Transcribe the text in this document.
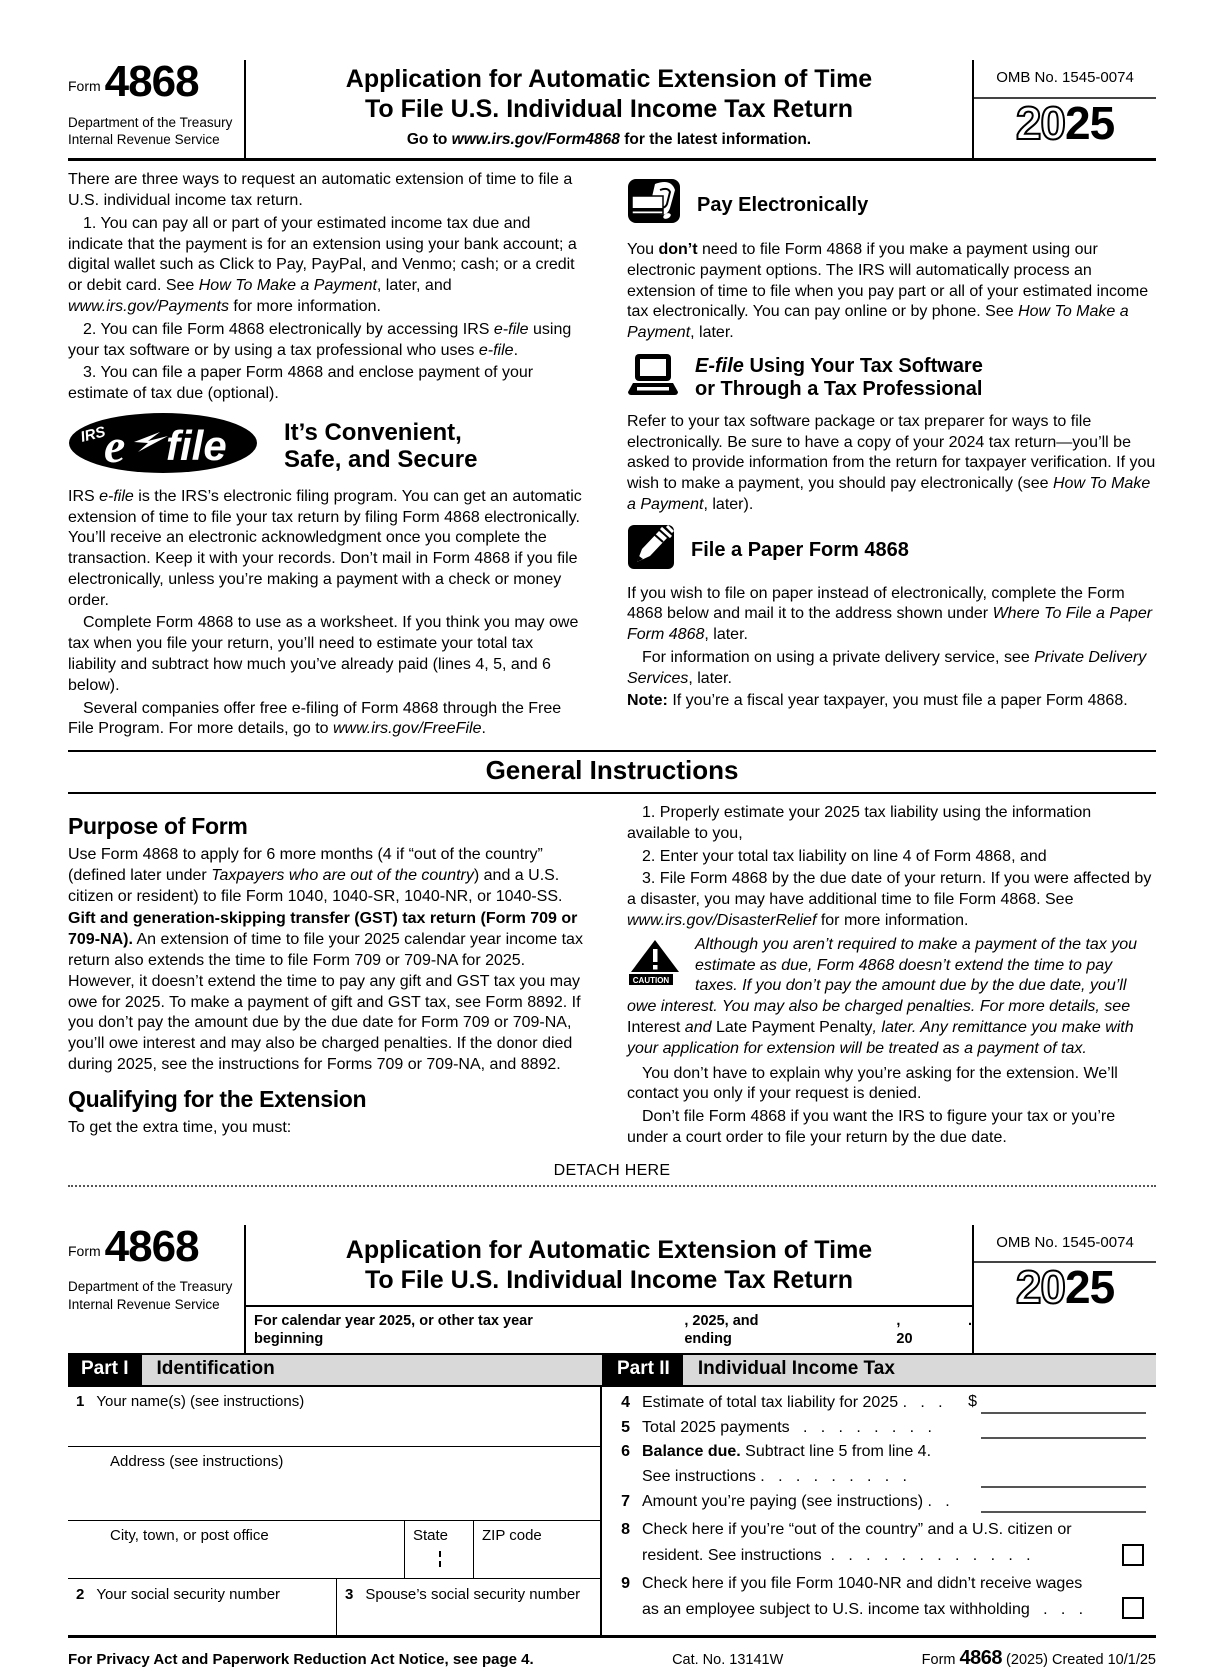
Form 4868
Department of the Treasury
Internal Revenue Service
Application for Automatic Extension of Time
To File U.S. Individual Income Tax Return
Go to www.irs.gov/Form4868 for the latest information.
OMB No. 1545-0074
2025

There are three ways to request an automatic extension of time to file a U.S. individual income tax return.

1. You can pay all or part of your estimated income tax due and indicate that the payment is for an extension using your bank account; a digital wallet such as Click to Pay, PayPal, and Venmo; cash; or a credit or debit card. See How To Make a Payment, later, and www.irs.gov/Payments for more information.

2. You can file Form 4868 electronically by accessing IRS e-file using your tax software or by using a tax professional who uses e-file.

3. You can file a paper Form 4868 and enclose payment of your estimate of tax due (optional).

IRS
e file It’s Convenient,
Safe, and Secure

IRS e-file is the IRS’s electronic filing program. You can get an automatic extension of time to file your tax return by filing Form 4868 electronically. You’ll receive an electronic acknowledgment once you complete the transaction. Keep it with your records. Don’t mail in Form 4868 if you file electronically, unless you’re making a payment with a check or money order.

Complete Form 4868 to use as a worksheet. If you think you may owe tax when you file your return, you’ll need to estimate your total tax liability and subtract how much you’ve already paid (lines 4, 5, and 6 below).

Several companies offer free e-filing of Form 4868 through the Free File Program. For more details, go to www.irs.gov/FreeFile.

Pay Electronically

You don’t need to file Form 4868 if you make a payment using our electronic payment options. The IRS will automatically process an extension of time to file when you pay part or all of your estimated income tax electronically. You can pay online or by phone. See How To Make a Payment, later.

E-file Using Your Tax Software
or Through a Tax Professional

Refer to your tax software package or tax preparer for ways to file electronically. Be sure to have a copy of your 2024 tax return—you’ll be asked to provide information from the return for taxpayer verification. If you wish to make a payment, you should pay electronically (see How To Make a Payment, later).

File a Paper Form 4868

If you wish to file on paper instead of electronically, complete the Form 4868 below and mail it to the address shown under Where To File a Paper Form 4868, later.

For information on using a private delivery service, see Private Delivery Services, later.

Note: If you’re a fiscal year taxpayer, you must file a paper Form 4868.

General Instructions
Purpose of Form

Use Form 4868 to apply for 6 more months (4 if “out of the country” (defined later under Taxpayers who are out of the country) and a U.S. citizen or resident) to file Form 1040, 1040-SR, 1040-NR, or 1040-SS.

Gift and generation-skipping transfer (GST) tax return (Form 709 or 709-NA). An extension of time to file your 2025 calendar year income tax return also extends the time to file Form 709 or 709-NA for 2025. However, it doesn’t extend the time to pay any gift and GST tax you may owe for 2025. To make a payment of gift and GST tax, see Form 8892. If you don’t pay the amount due by the due date for Form 709 or 709-NA, you’ll owe interest and may also be charged penalties. If the donor died during 2025, see the instructions for Forms 709 or 709-NA, and 8892.

Qualifying for the Extension

To get the extra time, you must:

1. Properly estimate your 2025 tax liability using the information available to you,

2. Enter your total tax liability on line 4 of Form 4868, and

3. File Form 4868 by the due date of your return. If you were affected by a disaster, you may have additional time to file Form 4868. See www.irs.gov/DisasterRelief for more information.

CAUTION

Although you aren’t required to make a payment of the tax you estimate as due, Form 4868 doesn’t extend the time to pay taxes. If you don’t pay the amount due by the due date, you’ll owe interest. You may also be charged penalties. For more details, see Interest and Late Payment Penalty, later. Any remittance you make with your application for extension will be treated as a payment of tax.

You don’t have to explain why you’re asking for the extension. We’ll contact you only if your request is denied.

Don’t file Form 4868 if you want the IRS to figure your tax or you’re under a court order to file your return by the due date.

DETACH HERE
Form 4868
Department of the Treasury
Internal Revenue Service
Application for Automatic Extension of Time
To File U.S. Individual Income Tax Return
For calendar year 2025, or other tax year beginning
, 2025, and ending
, 20
.
OMB No. 1545-0074
2025
Part I	Identification	Part II	Individual Income Tax
1 Your name(s) (see instructions)
Address (see instructions)
City, town, or post office	State	ZIP code
2 Your social security number	3 Spouse’s social security number
4 Estimate of total tax liability for 2025 .   .   .	$
5 Total 2025 payments   .   .   .   .   .   .   .   .
6 Balance due. Subtract line 5 from line 4.
See instructions .   .   .   .   .   .   .   .   .
7 Amount you’re paying (see instructions) .   .
8 Check here if you’re “out of the country” and a U.S. citizen or
resident. See instructions  .   .   .   .   .   .   .   .   .   .   .   .
9 Check here if you file Form 1040-NR and didn’t receive wages
as an employee subject to U.S. income tax withholding   .   .   .
For Privacy Act and Paperwork Reduction Act Notice, see page 4.	Cat. No. 13141W	Form 4868 (2025) Created 10/1/25
